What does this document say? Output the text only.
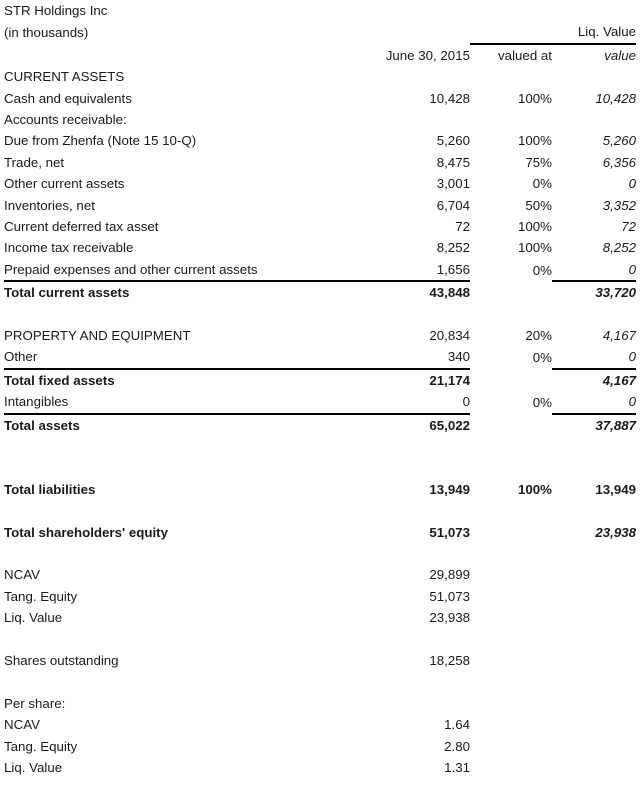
STR Holdings Inc			
(in thousands)		Liq. Value	
	June 30, 2015	valued at	value
CURRENT ASSETS			
Cash and equivalents	10,428	100%	10,428
Accounts receivable:			
Due from Zhenfa (Note 15 10-Q)	5,260	100%	5,260
Trade, net	8,475	75%	6,356
Other current assets	3,001	0%	0
Inventories, net	6,704	50%	3,352
Current deferred tax asset	72	100%	72
Income tax receivable	8,252	100%	8,252
Prepaid expenses and other current assets	1,656	0%	0
Total current assets	43,848		33,720

PROPERTY AND EQUIPMENT	20,834	20%	4,167
Other	340	0%	0
Total fixed assets	21,174		4,167
Intangibles	0	0%	0
Total assets	65,022		37,887

Total liabilities	13,949	100%	13,949

Total shareholders' equity	51,073		23,938

NCAV	29,899		
Tang. Equity	51,073		
Liq. Value	23,938		

Shares outstanding	18,258		

Per share:			
NCAV	1.64		
Tang. Equity	2.80		
Liq. Value	1.31		
